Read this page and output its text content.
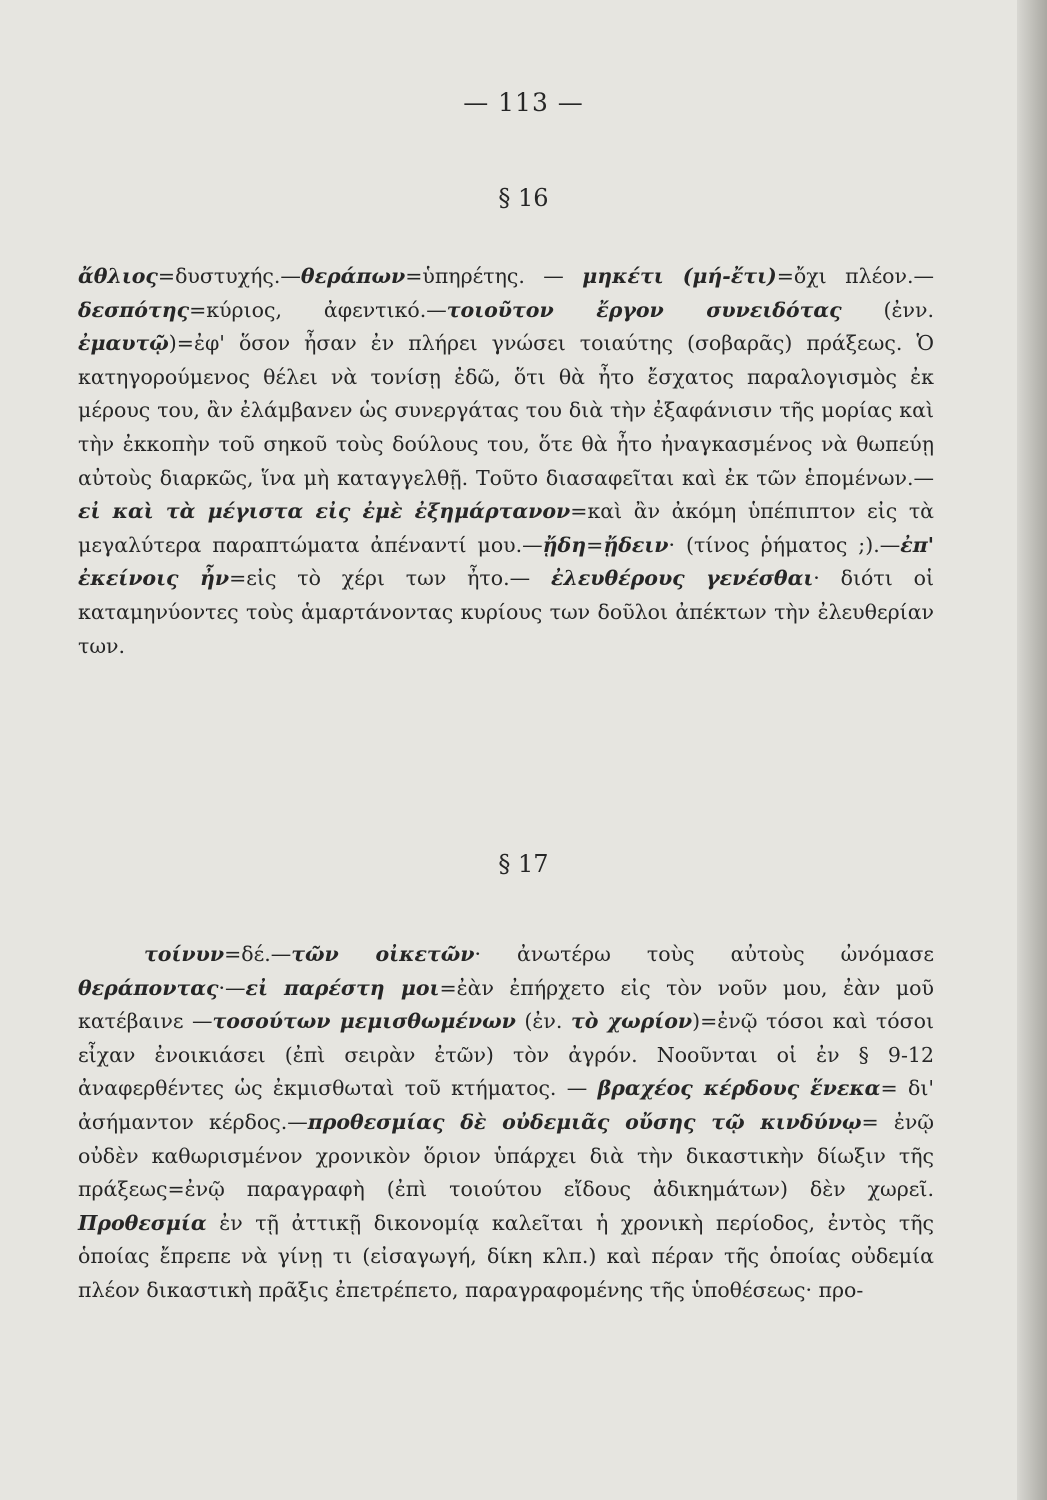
— 113 —
§ 16

ἄθλιος=δυστυχής.—θεράπων=ὑπηρέτης. — μηκέτι (μή-ἔτι)=ὄχι πλέον.—δεσπότης=κύριος, ἀφεντικό.—τοιοῦτον ἔργον συνειδότας (ἐνν. ἐμαυτῷ)=ἐφ' ὅσον ἦσαν ἐν πλήρει γνώσει τοιαύτης (σοβαρᾶς) πράξεως. Ὁ κατηγορούμενος θέλει νὰ τονίσῃ ἐδῶ, ὅτι θὰ ἦτο ἔσχατος παραλογισμὸς ἐκ μέρους του, ἂν ἐλάμβανεν ὡς συνεργάτας του διὰ τὴν ἐξαφάνισιν τῆς μορίας καὶ τὴν ἐκκοπὴν τοῦ σηκοῦ τοὺς δούλους του, ὅτε θὰ ἦτο ἠναγκασμένος νὰ θωπεύῃ αὐτοὺς διαρκῶς, ἵνα μὴ καταγγελθῇ. Τοῦτο διασαφεῖται καὶ ἐκ τῶν ἑπομένων.—εἰ καὶ τὰ μέγιστα εἰς ἐμὲ ἐξημάρτανον=καὶ ἂν ἀκόμη ὑπέπιπτον εἰς τὰ μεγαλύτερα παραπτώματα ἀπέναντί μου.—ᾔδη=ᾔδειν· (τίνος ῥήματος ;).—ἐπ' ἐκείνοις ἦν=εἰς τὸ χέρι των ἦτο.— ἐλευθέρους γενέσθαι· διότι οἱ καταμηνύοντες τοὺς ἁμαρτάνοντας κυρίους των δοῦλοι ἀπέκτων τὴν ἐλευθερίαν των.

§ 17

τοίνυν=δέ.—τῶν οἰκετῶν· ἀνωτέρω τοὺς αὐτοὺς ὠνόμασε θεράποντας·—εἰ παρέστη μοι=ἐὰν ἐπήρχετο εἰς τὸν νοῦν μου, ἐὰν μοῦ κατέβαινε —τοσούτων μεμισθωμένων (ἐν. τὸ χωρίον)=ἐνῷ τόσοι καὶ τόσοι εἶχαν ἐνοικιάσει (ἐπὶ σειρὰν ἐτῶν) τὸν ἀγρόν. Νοοῦνται οἱ ἐν § 9-12 ἀναφερθέντες ὡς ἐκμισθωταὶ τοῦ κτήματος. — βραχέος κέρδους ἕνεκα= δι' ἀσήμαντον κέρδος.—προθεσμίας δὲ οὐδεμιᾶς οὔσης τῷ κινδύνῳ= ἐνῷ οὐδὲν καθωρισμένον χρονικὸν ὅριον ὑπάρχει διὰ τὴν δικαστικὴν δίωξιν τῆς πράξεως=ἐνῷ παραγραφὴ (ἐπὶ τοιούτου εἴδους ἀδικημάτων) δὲν χωρεῖ. Προθεσμία ἐν τῇ ἀττικῇ δικονομίᾳ καλεῖται ἡ χρονικὴ περίοδος, ἐντὸς τῆς ὁποίας ἔπρεπε νὰ γίνῃ τι (εἰσαγωγή, δίκη κλπ.) καὶ πέραν τῆς ὁποίας οὐδεμία πλέον δικαστικὴ πρᾶξις ἐπετρέπετο, παραγραφομένης τῆς ὑποθέσεως· προ-
